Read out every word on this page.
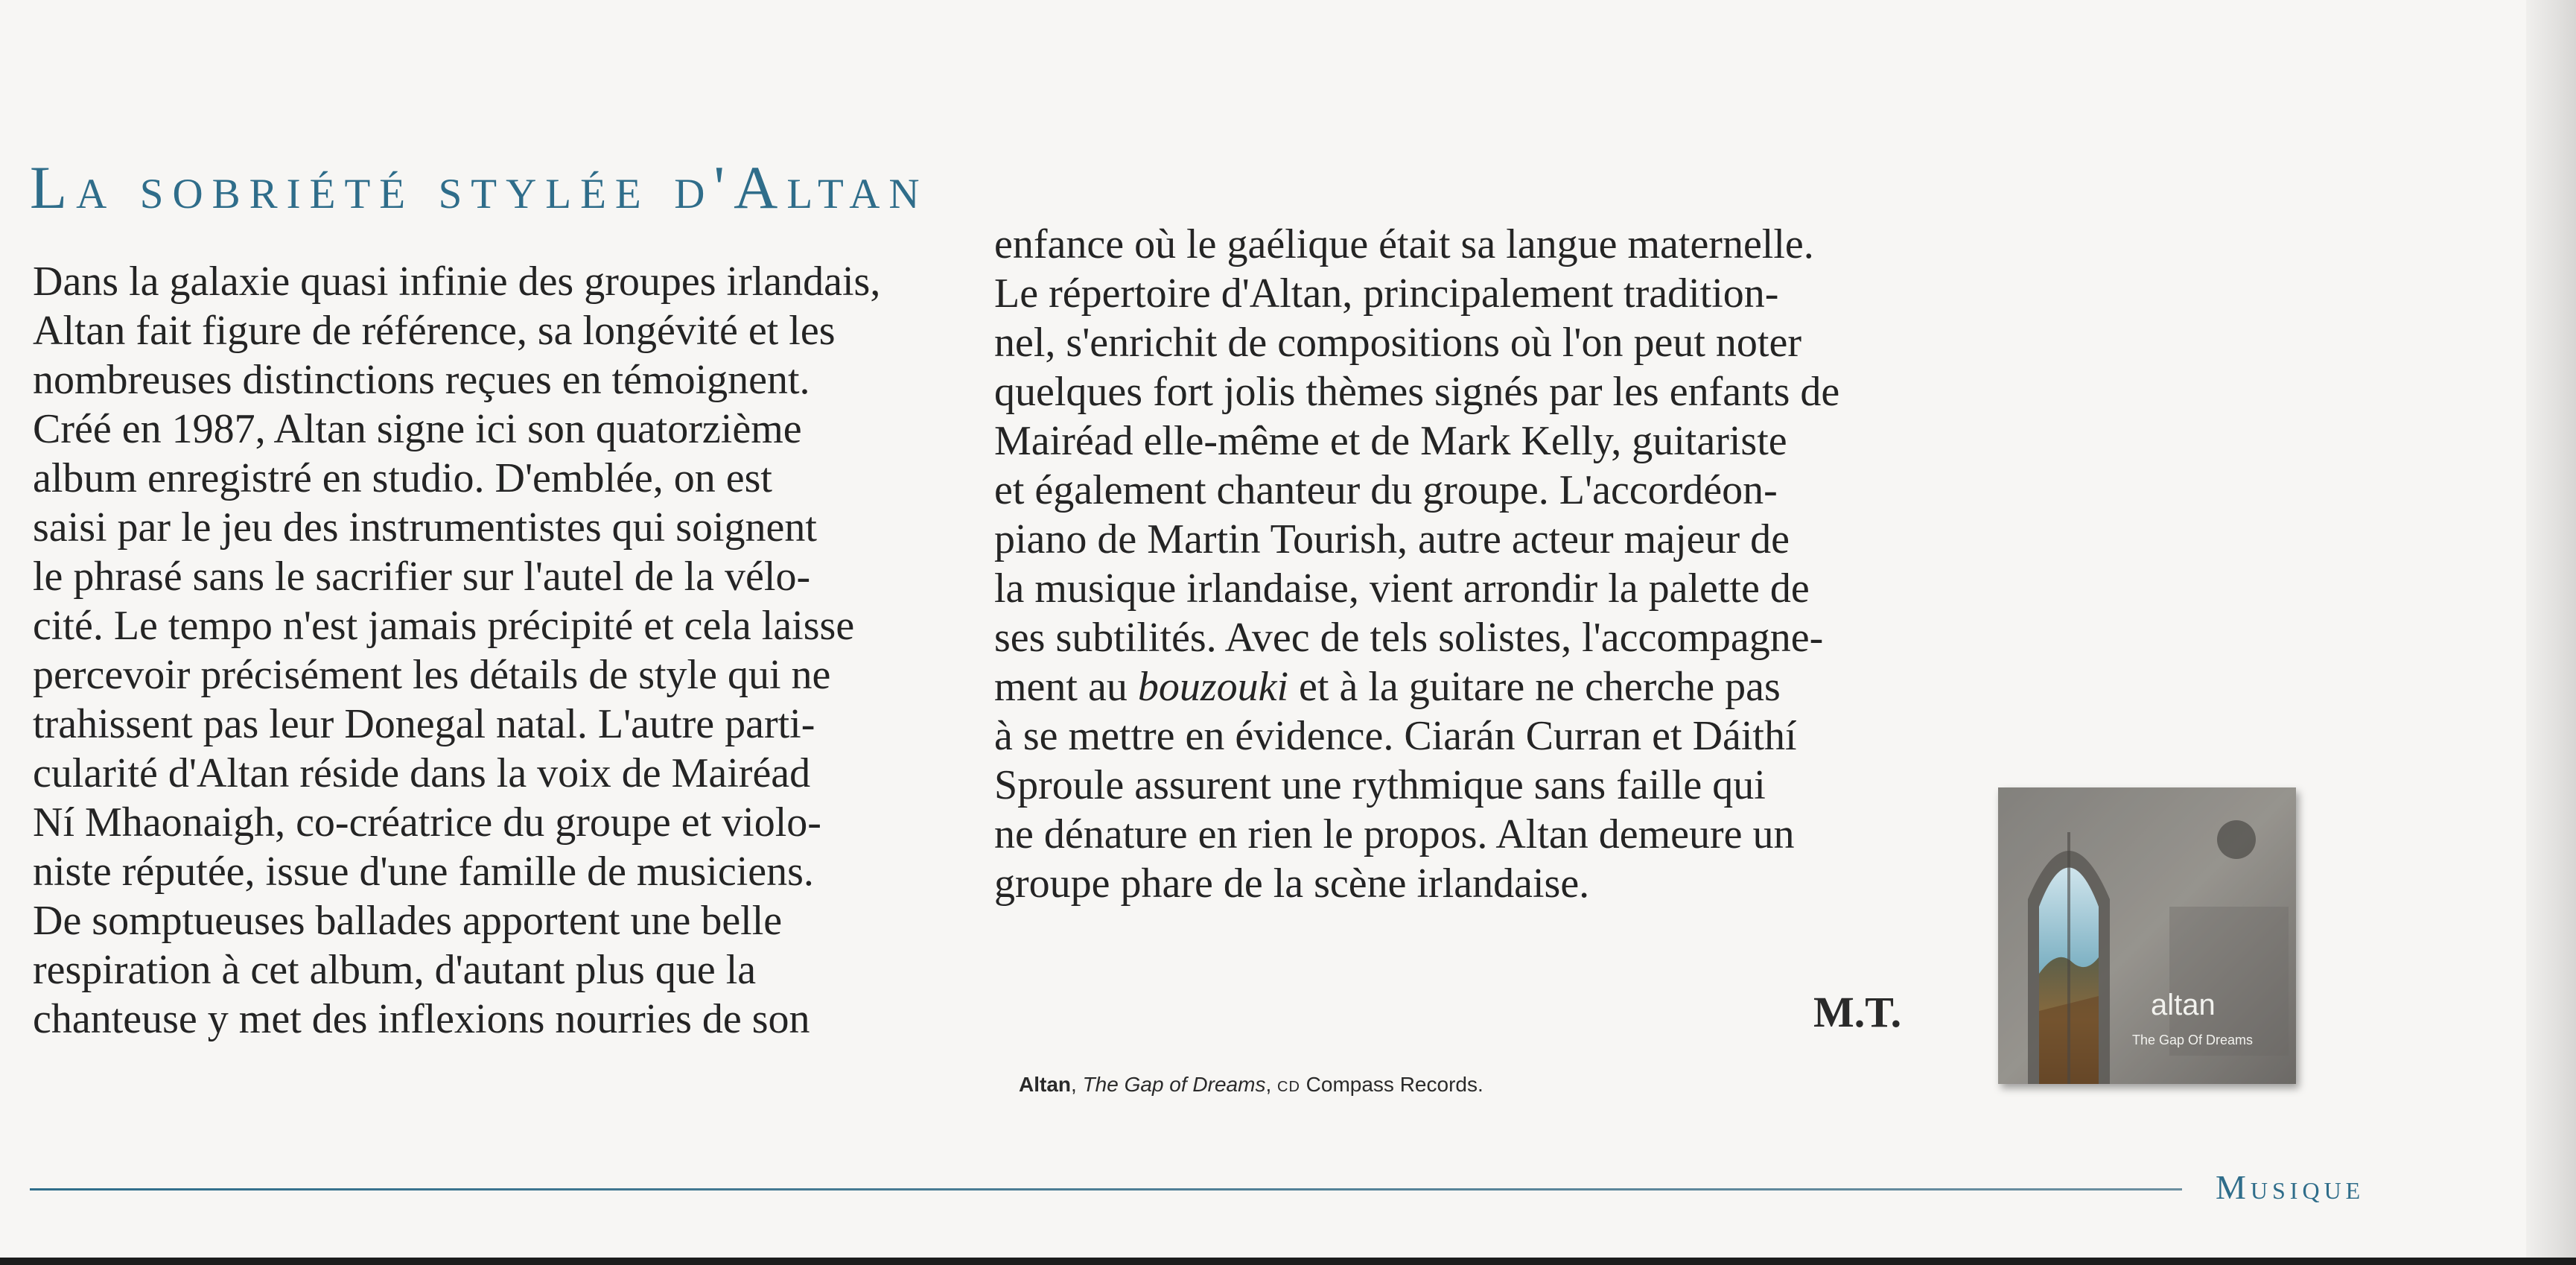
La sobriété stylée d'Altan
Dans la galaxie quasi infinie des groupes irlandais,
Altan fait figure de référence, sa longévité et les
nombreuses distinctions reçues en témoignent.
Créé en 1987, Altan signe ici son quatorzième
album enregistré en studio. D'emblée, on est
saisi par le jeu des instrumentistes qui soignent
le phrasé sans le sacrifier sur l'autel de la vélo-
cité. Le tempo n'est jamais précipité et cela laisse
percevoir précisément les détails de style qui ne
trahissent pas leur Donegal natal. L'autre parti-
cularité d'Altan réside dans la voix de Mairéad
Ní Mhaonaigh, co-créatrice du groupe et violo-
niste réputée, issue d'une famille de musiciens.
De somptueuses ballades apportent une belle
respiration à cet album, d'autant plus que la
chanteuse y met des inflexions nourries de son
enfance où le gaélique était sa langue maternelle.
Le répertoire d'Altan, principalement tradition-
nel, s'enrichit de compositions où l'on peut noter
quelques fort jolis thèmes signés par les enfants de
Mairéad elle-même et de Mark Kelly, guitariste
et également chanteur du groupe. L'accordéon-
piano de Martin Tourish, autre acteur majeur de
la musique irlandaise, vient arrondir la palette de
ses subtilités. Avec de tels solistes, l'accompagne-
ment au bouzouki et à la guitare ne cherche pas
à se mettre en évidence. Ciarán Curran et Dáithí
Sproule assurent une rythmique sans faille qui
ne dénature en rien le propos. Altan demeure un
groupe phare de la scène irlandaise.
M.T.
Altan, The Gap of Dreams, CD Compass Records.
altan
The Gap Of Dreams
Musique
